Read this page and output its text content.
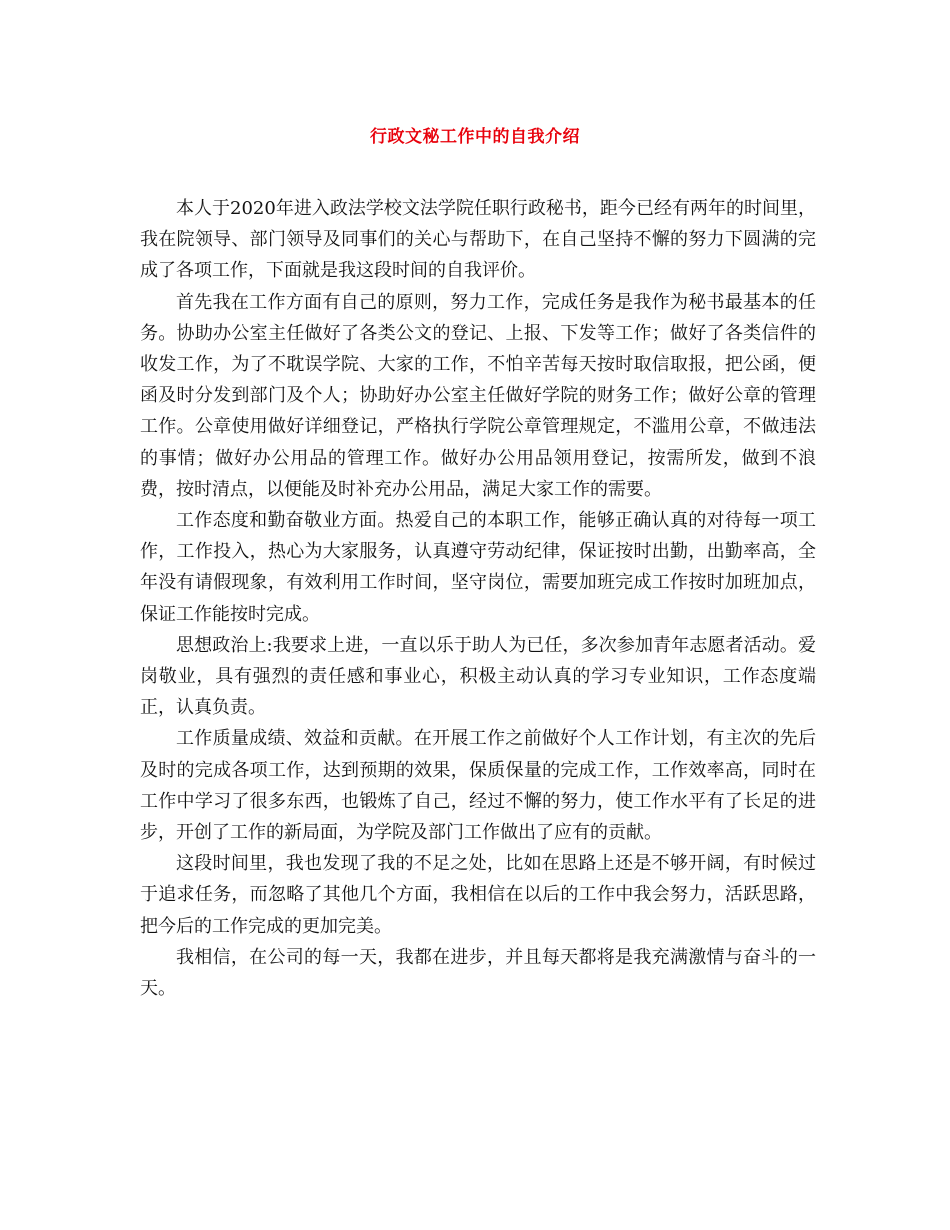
行政文秘工作中的自我介绍

本人于2020年进入政法学校文法学院任职行政秘书，距今已经有两年的时间里，我在院领导、部门领导及同事们的关心与帮助下，在自己坚持不懈的努力下圆满的完成了各项工作，下面就是我这段时间的自我评价。

首先我在工作方面有自己的原则，努力工作，完成任务是我作为秘书最基本的任务。协助办公室主任做好了各类公文的登记、上报、下发等工作；做好了各类信件的收发工作，为了不耽误学院、大家的工作，不怕辛苦每天按时取信取报，把公函，便函及时分发到部门及个人；协助好办公室主任做好学院的财务工作；做好公章的管理工作。公章使用做好详细登记，严格执行学院公章管理规定，不滥用公章，不做违法的事情；做好办公用品的管理工作。做好办公用品领用登记，按需所发，做到不浪费，按时清点，以便能及时补充办公用品，满足大家工作的需要。

工作态度和勤奋敬业方面。热爱自己的本职工作，能够正确认真的对待每一项工作，工作投入，热心为大家服务，认真遵守劳动纪律，保证按时出勤，出勤率高，全年没有请假现象，有效利用工作时间，坚守岗位，需要加班完成工作按时加班加点，保证工作能按时完成。

思想政治上:我要求上进，一直以乐于助人为已任，多次参加青年志愿者活动。爱岗敬业，具有强烈的责任感和事业心，积极主动认真的学习专业知识，工作态度端正，认真负责。

工作质量成绩、效益和贡献。在开展工作之前做好个人工作计划，有主次的先后及时的完成各项工作，达到预期的效果，保质保量的完成工作，工作效率高，同时在工作中学习了很多东西，也锻炼了自己，经过不懈的努力，使工作水平有了长足的进步，开创了工作的新局面，为学院及部门工作做出了应有的贡献。

这段时间里，我也发现了我的不足之处，比如在思路上还是不够开阔，有时候过于追求任务，而忽略了其他几个方面，我相信在以后的工作中我会努力，活跃思路，把今后的工作完成的更加完美。

我相信，在公司的每一天，我都在进步，并且每天都将是我充满激情与奋斗的一天。
